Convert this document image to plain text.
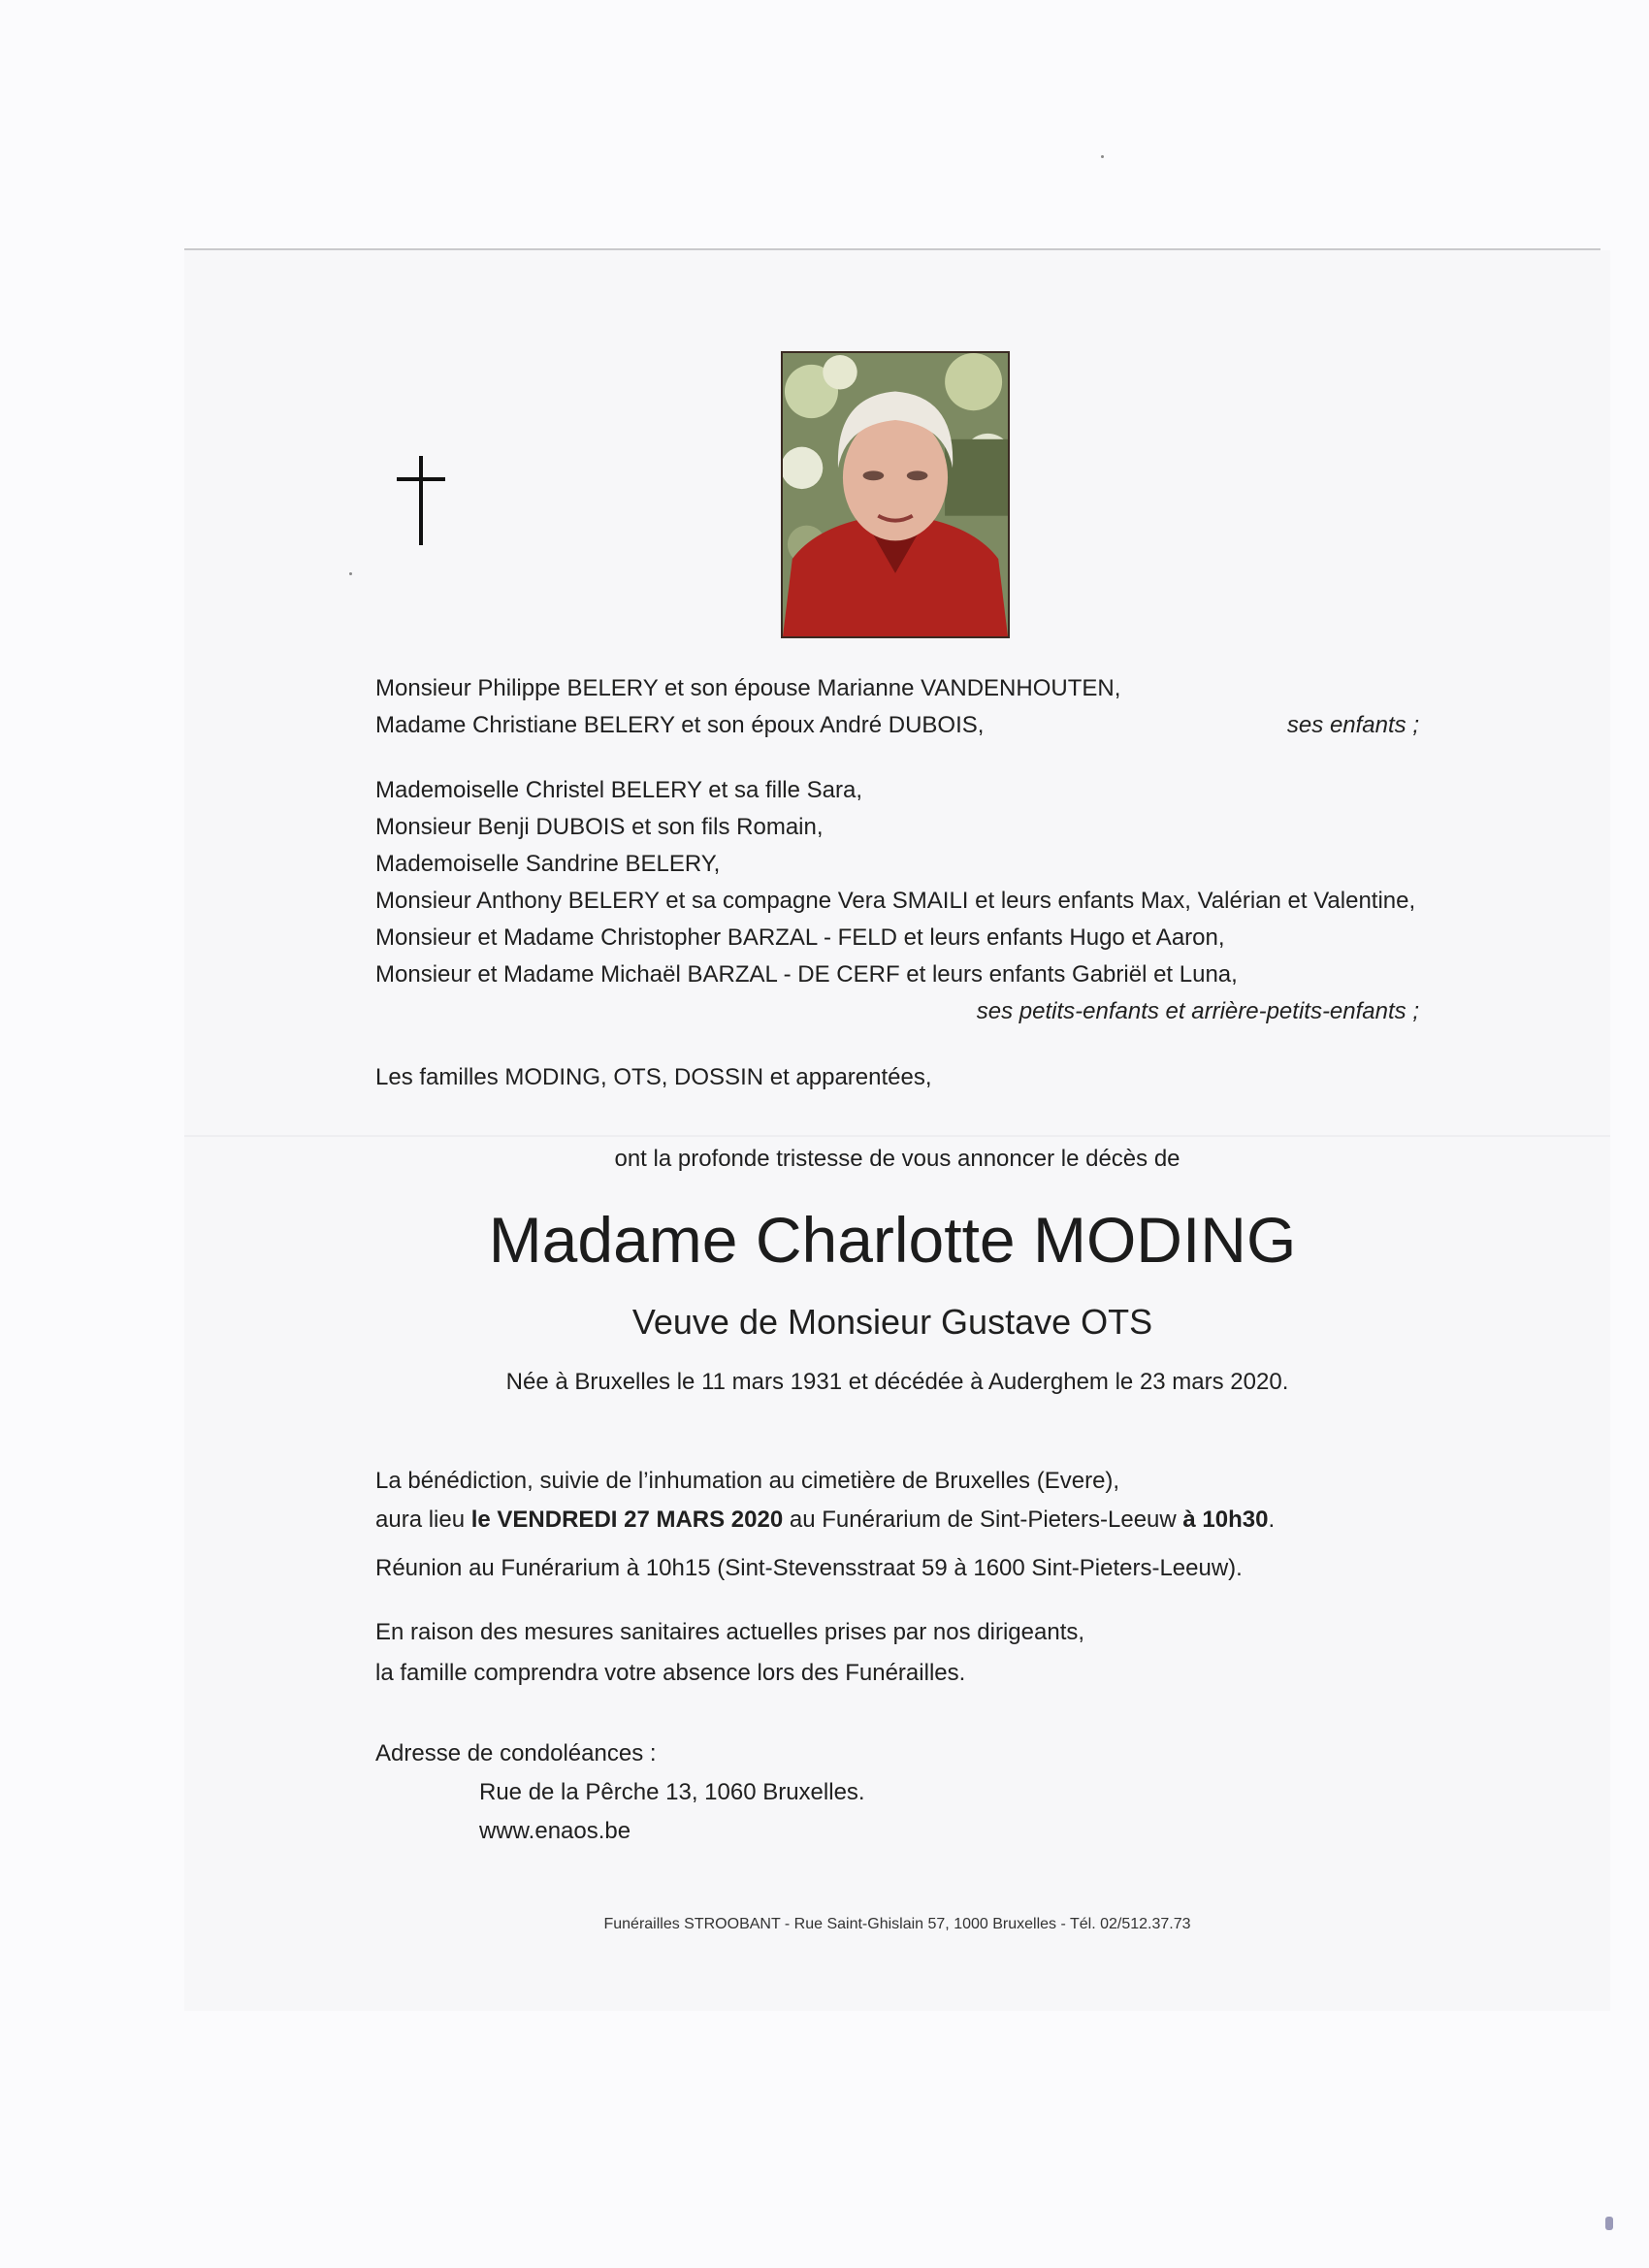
Monsieur Philippe BELERY et son épouse Marianne VANDENHOUTEN,
Madame Christiane BELERY et son époux André DUBOIS,	ses enfants ;
Mademoiselle Christel BELERY et sa fille Sara,
Monsieur Benji DUBOIS et son fils Romain,
Mademoiselle Sandrine BELERY,
Monsieur Anthony BELERY et sa compagne Vera SMAILI et leurs enfants Max, Valérian et Valentine,
Monsieur et Madame Christopher BARZAL - FELD et leurs enfants Hugo et Aaron,
Monsieur et Madame Michaël BARZAL - DE CERF et leurs enfants Gabriël et Luna,
ses petits-enfants et arrière-petits-enfants ;
Les familles MODING, OTS, DOSSIN et apparentées,
ont la profonde tristesse de vous annoncer le décès de
Madame Charlotte MODING
Veuve de Monsieur Gustave OTS
Née à Bruxelles le 11 mars 1931 et décédée à Auderghem le 23 mars 2020.
La bénédiction, suivie de l’inhumation au cimetière de Bruxelles (Evere),
aura lieu le VENDREDI 27 MARS 2020 au Funérarium de Sint-Pieters-Leeuw à 10h30.
Réunion au Funérarium à 10h15 (Sint-Stevensstraat 59 à 1600 Sint-Pieters-Leeuw).
En raison des mesures sanitaires actuelles prises par nos dirigeants,
la famille comprendra votre absence lors des Funérailles.
Adresse de condoléances :
Rue de la Pêrche 13, 1060 Bruxelles.
www.enaos.be
Funérailles STROOBANT - Rue Saint-Ghislain 57, 1000 Bruxelles - Tél. 02/512.37.73
